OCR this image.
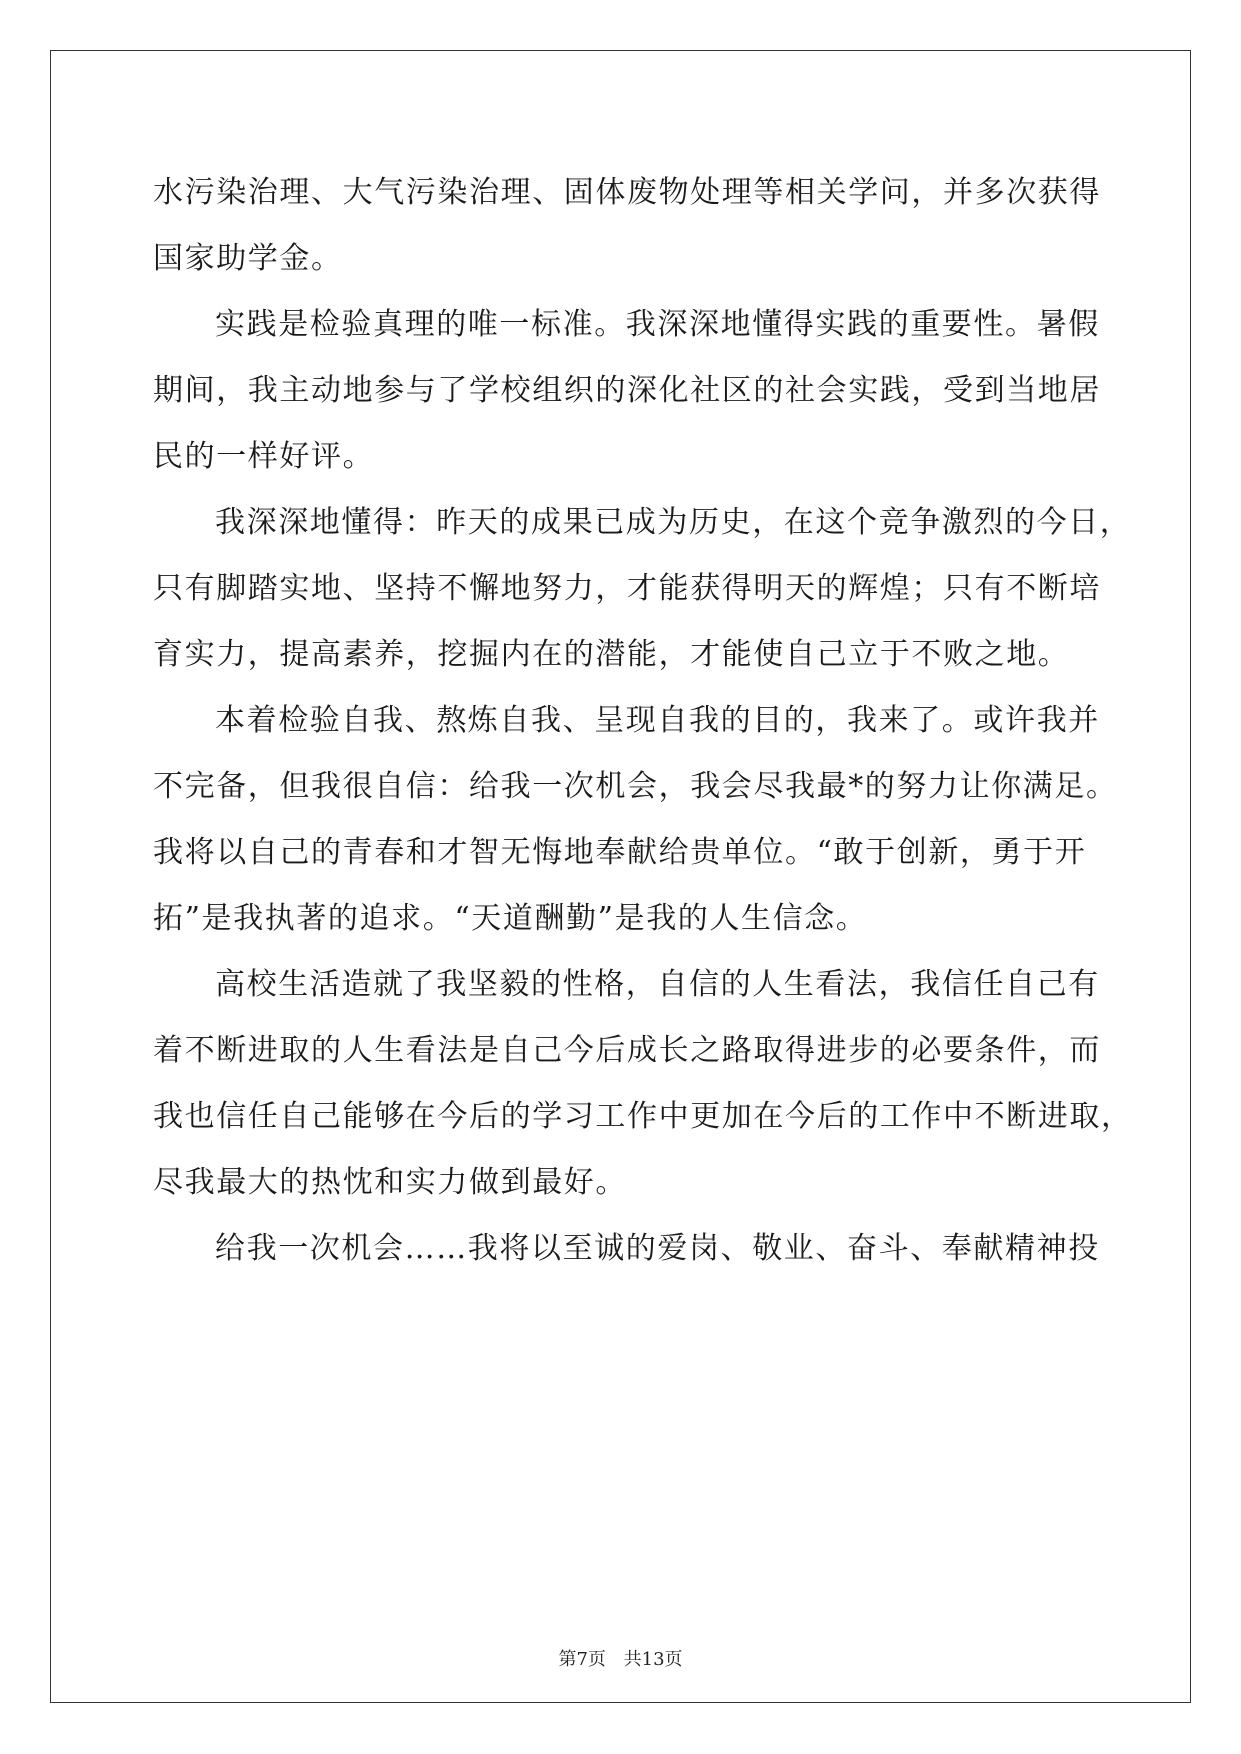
水污染治理、大气污染治理、固体废物处理等相关学问，并多次获得
国家助学金。
实践是检验真理的唯一标准。我深深地懂得实践的重要性。暑假
期间，我主动地参与了学校组织的深化社区的社会实践，受到当地居
民的一样好评。
我深深地懂得：昨天的成果已成为历史，在这个竞争激烈的今日，
只有脚踏实地、坚持不懈地努力，才能获得明天的辉煌；只有不断培
育实力，提高素养，挖掘内在的潜能，才能使自己立于不败之地。
本着检验自我、熬炼自我、呈现自我的目的，我来了。或许我并
不完备，但我很自信：给我一次机会，我会尽我最*的努力让你满足。
我将以自己的青春和才智无悔地奉献给贵单位。“敢于创新，勇于开
拓”是我执著的追求。“天道酬勤”是我的人生信念。
高校生活造就了我坚毅的性格，自信的人生看法，我信任自己有
着不断进取的人生看法是自己今后成长之路取得进步的必要条件，而
我也信任自己能够在今后的学习工作中更加在今后的工作中不断进取，
尽我最大的热忱和实力做到最好。
给我一次机会……我将以至诚的爱岗、敬业、奋斗、奉献精神投
第7页 共13页
